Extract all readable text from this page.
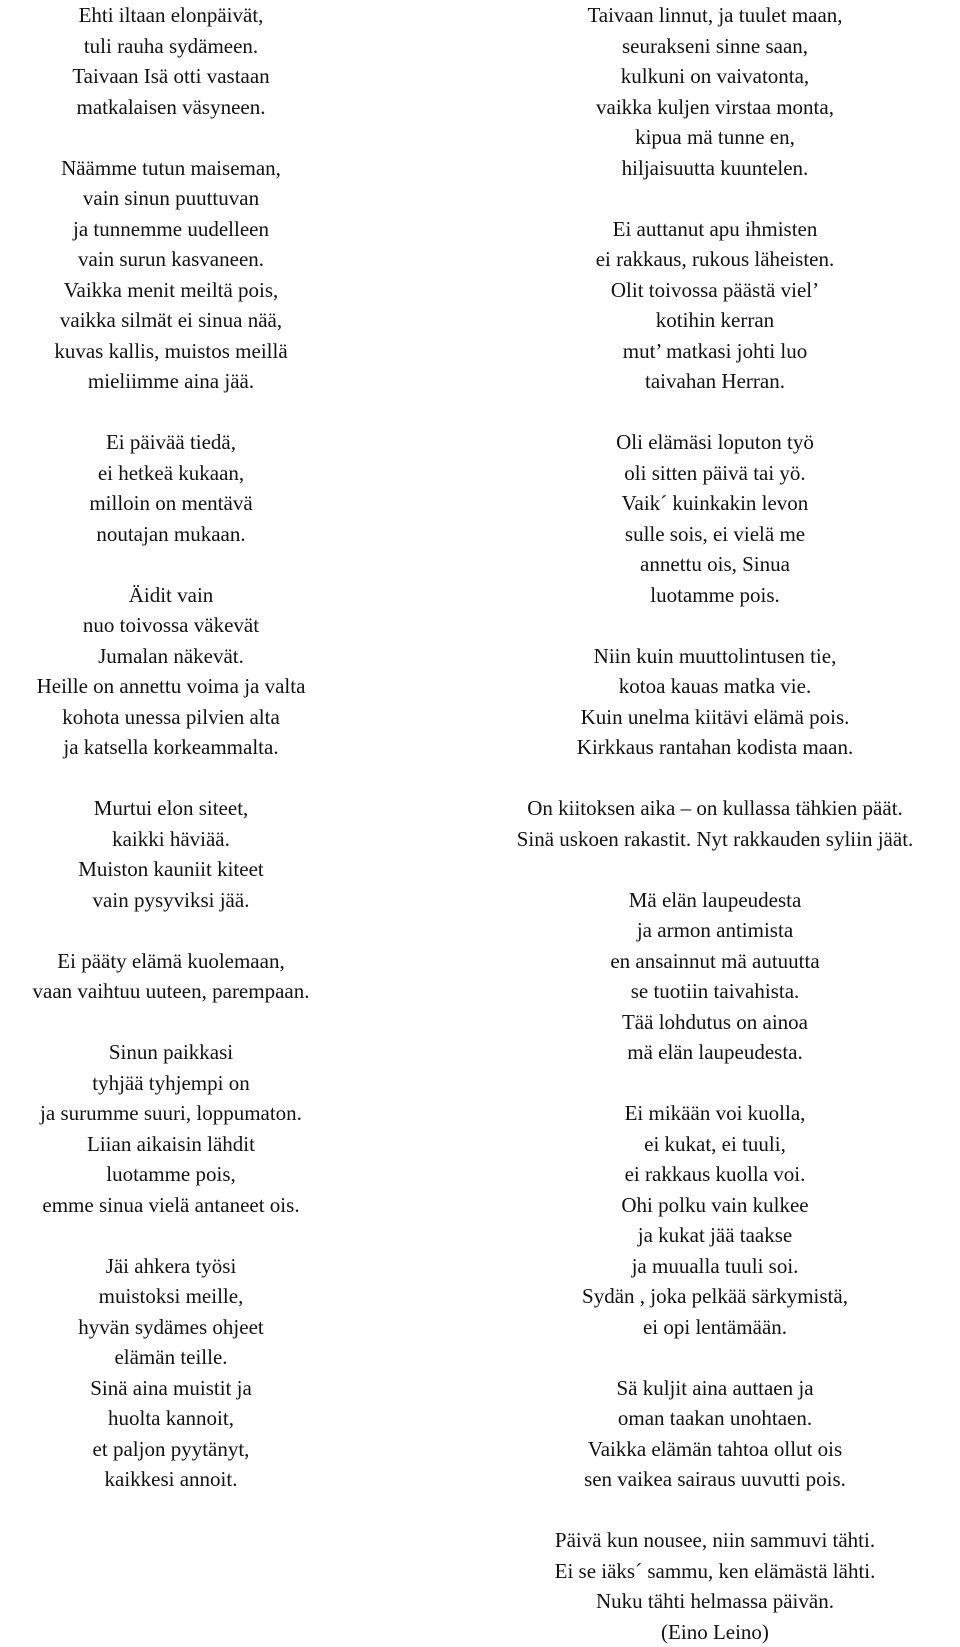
Ehti iltaan elonpäivät,
tuli rauha sydämeen.
Taivaan Isä otti vastaan
matkalaisen väsyneen.
Näämme tutun maiseman,
vain sinun puuttuvan
ja tunnemme uudelleen
vain surun kasvaneen.
Vaikka menit meiltä pois,
vaikka silmät ei sinua nää,
kuvas kallis, muistos meillä
mieliimme aina jää.
Ei päivää tiedä,
ei hetkeä kukaan,
milloin on mentävä
noutajan mukaan.
Äidit vain
nuo toivossa väkevät
Jumalan näkevät.
Heille on annettu voima ja valta
kohota unessa pilvien alta
ja katsella korkeammalta.
Murtui elon siteet,
kaikki häviää.
Muiston kauniit kiteet
vain pysyviksi jää.
Ei pääty elämä kuolemaan,
vaan vaihtuu uuteen, parempaan.
Sinun paikkasi
tyhjää tyhjempi on
ja surumme suuri, loppumaton.
Liian aikaisin lähdit
luotamme pois,
emme sinua vielä antaneet ois.
Jäi ahkera työsi
muistoksi meille,
hyvän sydämes ohjeet
elämän teille.
Sinä aina muistit ja
huolta kannoit,
et paljon pyytänyt,
kaikkesi annoit.
Taivaan linnut, ja tuulet maan,
seurakseni sinne saan,
kulkuni on vaivatonta,
vaikka kuljen virstaa monta,
kipua mä tunne en,
hiljaisuutta kuuntelen.
Ei auttanut apu ihmisten
ei rakkaus, rukous läheisten.
Olit toivossa päästä viel’
kotihin kerran
mut’ matkasi johti luo
taivahan Herran.
Oli elämäsi loputon työ
oli sitten päivä tai yö.
Vaik´ kuinkakin levon
sulle sois, ei vielä me
annettu ois, Sinua
luotamme pois.
Niin kuin muuttolintusen tie,
kotoa kauas matka vie.
Kuin unelma kiitävi elämä pois.
Kirkkaus rantahan kodista maan.
On kiitoksen aika – on kullassa tähkien päät.
Sinä uskoen rakastit. Nyt rakkauden syliin jäät.
Mä elän laupeudesta
ja armon antimista
en ansainnut mä autuutta
se tuotiin taivahista.
Tää lohdutus on ainoa
mä elän laupeudesta.
Ei mikään voi kuolla,
ei kukat, ei tuuli,
ei rakkaus kuolla voi.
Ohi polku vain kulkee
ja kukat jää taakse
ja muualla tuuli soi.
Sydän , joka pelkää särkymistä,
ei opi lentämään.
Sä kuljit aina auttaen ja
oman taakan unohtaen.
Vaikka elämän tahtoa ollut ois
sen vaikea sairaus uuvutti pois.
Päivä kun nousee, niin sammuvi tähti.
Ei se iäks´ sammu, ken elämästä lähti.
Nuku tähti helmassa päivän.
(Eino Leino)
